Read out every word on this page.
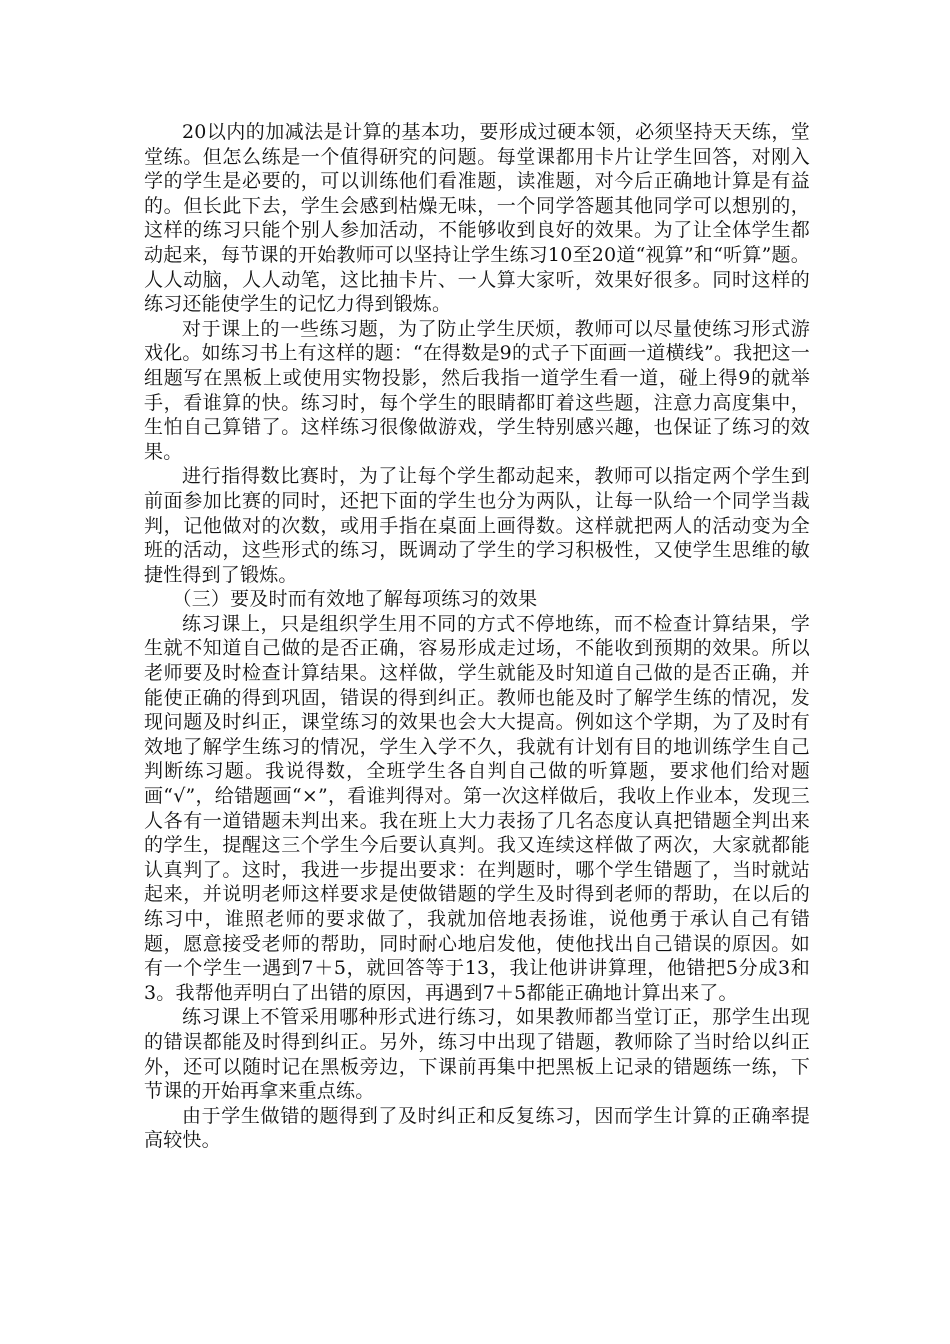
20以内的加减法是计算的基本功，要形成过硬本领，必须坚持天天练，堂堂练。但怎么练是一个值得研究的问题。每堂课都用卡片让学生回答，对刚入学的学生是必要的，可以训练他们看准题，读准题，对今后正确地计算是有益的。但长此下去，学生会感到枯燥无味，一个同学答题其他同学可以想别的，这样的练习只能个别人参加活动，不能够收到良好的效果。为了让全体学生都动起来，每节课的开始教师可以坚持让学生练习10至20道“视算”和“听算”题。人人动脑，人人动笔，这比抽卡片、一人算大家听，效果好很多。同时这样的练习还能使学生的记忆力得到锻炼。

对于课上的一些练习题，为了防止学生厌烦，教师可以尽量使练习形式游戏化。如练习书上有这样的题：“在得数是9的式子下面画一道横线”。我把这一组题写在黑板上或使用实物投影，然后我指一道学生看一道，碰上得9的就举手，看谁算的快。练习时，每个学生的眼睛都盯着这些题，注意力高度集中，生怕自己算错了。这样练习很像做游戏，学生特别感兴趣，也保证了练习的效果。

进行指得数比赛时，为了让每个学生都动起来，教师可以指定两个学生到前面参加比赛的同时，还把下面的学生也分为两队，让每一队给一个同学当裁判，记他做对的次数，或用手指在桌面上画得数。这样就把两人的活动变为全班的活动，这些形式的练习，既调动了学生的学习积极性，又使学生思维的敏捷性得到了锻炼。

（三）要及时而有效地了解每项练习的效果

练习课上，只是组织学生用不同的方式不停地练，而不检查计算结果，学生就不知道自己做的是否正确，容易形成走过场，不能收到预期的效果。所以老师要及时检查计算结果。这样做，学生就能及时知道自己做的是否正确，并能使正确的得到巩固，错误的得到纠正。教师也能及时了解学生练的情况，发现问题及时纠正，课堂练习的效果也会大大提高。例如这个学期，为了及时有效地了解学生练习的情况，学生入学不久，我就有计划有目的地训练学生自己判断练习题。我说得数，全班学生各自判自己做的听算题，要求他们给对题画“√”，给错题画“×”，看谁判得对。第一次这样做后，我收上作业本，发现三人各有一道错题未判出来。我在班上大力表扬了几名态度认真把错题全判出来的学生，提醒这三个学生今后要认真判。我又连续这样做了两次，大家就都能认真判了。这时，我进一步提出要求：在判题时，哪个学生错题了，当时就站起来，并说明老师这样要求是使做错题的学生及时得到老师的帮助，在以后的练习中，谁照老师的要求做了，我就加倍地表扬谁，说他勇于承认自己有错题，愿意接受老师的帮助，同时耐心地启发他，使他找出自己错误的原因。如有一个学生一遇到7＋5，就回答等于13，我让他讲讲算理，他错把5分成3和3。我帮他弄明白了出错的原因，再遇到7＋5都能正确地计算出来了。

练习课上不管采用哪种形式进行练习，如果教师都当堂订正，那学生出现的错误都能及时得到纠正。另外，练习中出现了错题，教师除了当时给以纠正外，还可以随时记在黑板旁边，下课前再集中把黑板上记录的错题练一练，下节课的开始再拿来重点练。

由于学生做错的题得到了及时纠正和反复练习，因而学生计算的正确率提高较快。
